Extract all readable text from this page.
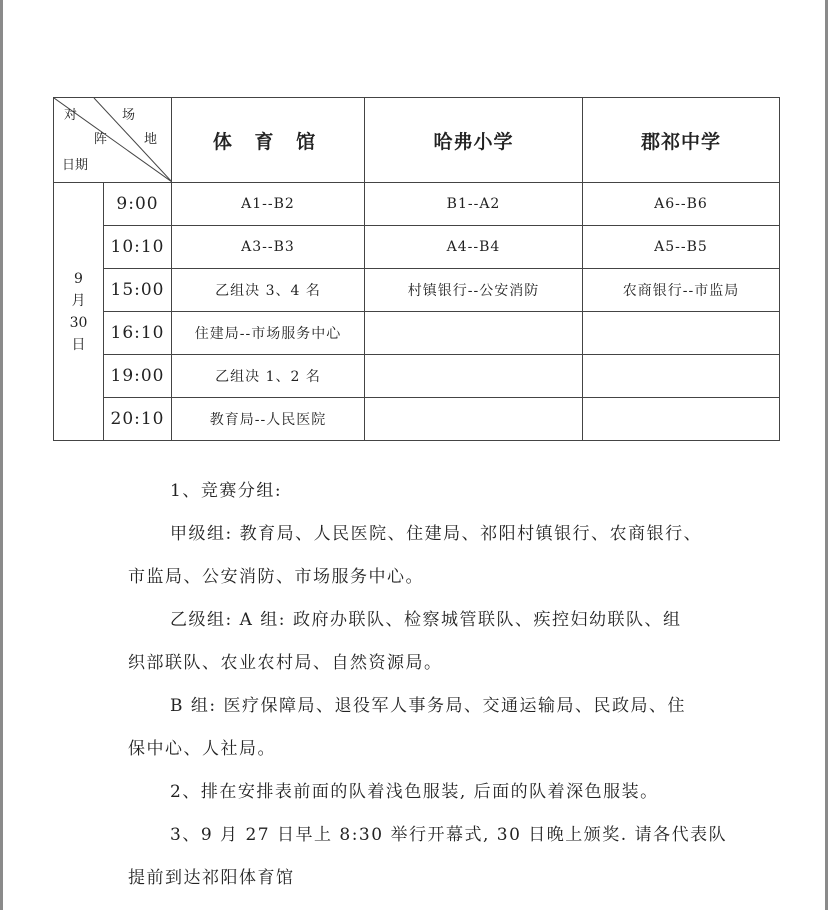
对 场
阵 地
日期		体 育 馆	哈弗小学	郡祁中学

9
月
30
日	9:00	A1--B2	B1--A2	A6--B6
	10:10	A3--B3	A4--B4	A5--B5
	15:00	乙组决 3、4 名	村镇银行--公安消防	农商银行--市监局
	16:10	住建局--市场服务中心		
	19:00	乙组决 1、2 名		
	20:10	教育局--人民医院		

1、竞赛分组:

甲级组: 教育局、人民医院、住建局、祁阳村镇银行、农商银行、

市监局、公安消防、市场服务中心。

乙级组: A 组: 政府办联队、检察城管联队、疾控妇幼联队、组

织部联队、农业农村局、自然资源局。

B 组: 医疗保障局、退役军人事务局、交通运输局、民政局、住

保中心、人社局。

2、排在安排表前面的队着浅色服装, 后面的队着深色服装。

3、9 月 27 日早上 8:30 举行开幕式, 30 日晚上颁奖. 请各代表队

提前到达祁阳体育馆
